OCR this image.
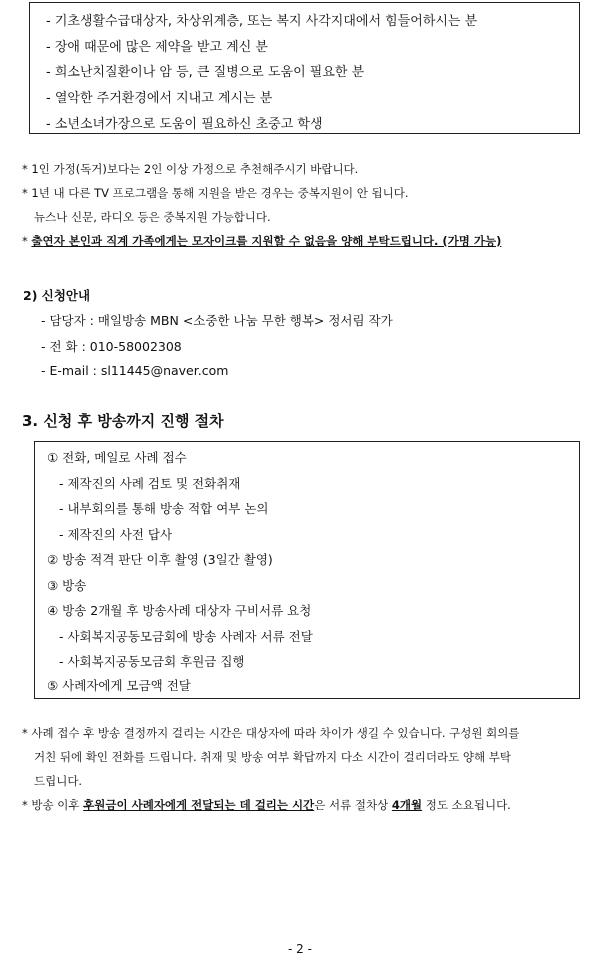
- 기초생활수급대상자, 차상위계층, 또는 복지 사각지대에서 힘들어하시는 분
- 장애 때문에 많은 제약을 받고 계신 분
- 희소난치질환이나 암 등, 큰 질병으로 도움이 필요한 분
- 열악한 주거환경에서 지내고 계시는 분
- 소년소녀가장으로 도움이 필요하신 초중고 학생
* 1인 가정(독거)보다는 2인 이상 가정으로 추천해주시기 바랍니다.
* 1년 내 다른 TV 프로그램을 통해 지원을 받은 경우는 중복지원이 안 됩니다.
뉴스나 신문, 라디오 등은 중복지원 가능합니다.
* 출연자 본인과 직계 가족에게는 모자이크를 지원할 수 없음을 양해 부탁드립니다. (가명 가능)
2) 신청안내
- 담당자 : 매일방송 MBN <소중한 나눔 무한 행복> 정서림 작가
- 전 화 : 010-58002308
- E-mail : sl11445@naver.com
3. 신청 후 방송까지 진행 절차
① 전화, 메일로 사례 접수
- 제작진의 사례 검토 및 전화취재
- 내부회의를 통해 방송 적합 여부 논의
- 제작진의 사전 답사
② 방송 적격 판단 이후 촬영 (3일간 촬영)
③ 방송
④ 방송 2개월 후 방송사례 대상자 구비서류 요청
- 사회복지공동모금회에 방송 사례자 서류 전달
- 사회복지공동모금회 후원금 집행
⑤ 사례자에게 모금액 전달
* 사례 접수 후 방송 결정까지 걸리는 시간은 대상자에 따라 차이가 생길 수 있습니다. 구성원 회의를
거친 뒤에 확인 전화를 드립니다. 취재 및 방송 여부 확답까지 다소 시간이 걸리더라도 양해 부탁
드립니다.
* 방송 이후 후원금이 사례자에게 전달되는 데 걸리는 시간은 서류 절차상 4개월 정도 소요됩니다.
- 2 -
